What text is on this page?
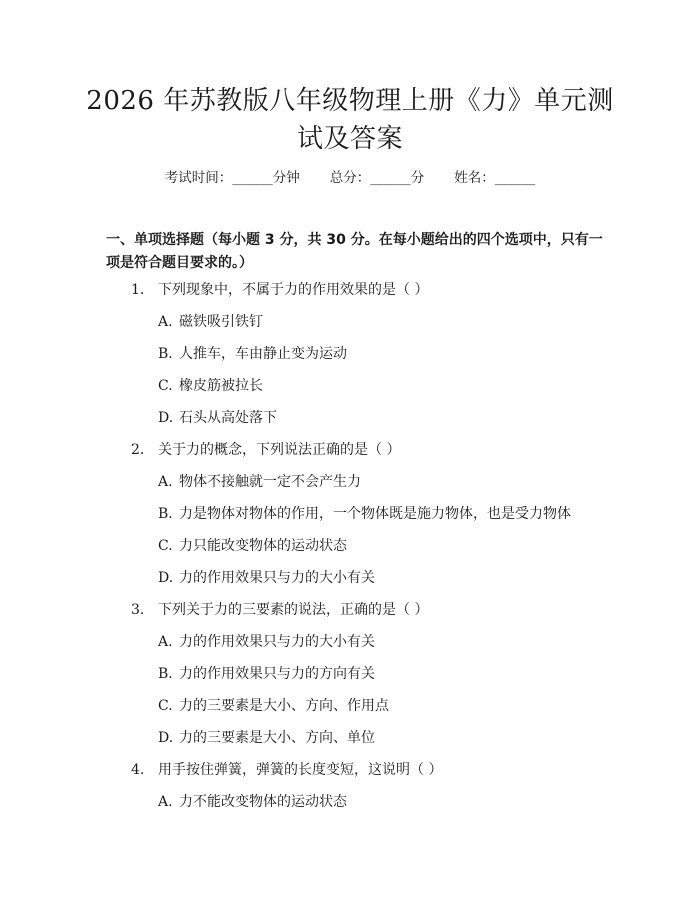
2026 年苏教版八年级物理上册《力》单元测
试及答案
考试时间：______分钟 总分：______分 姓名：______
一、单项选择题（每小题 3 分，共 30 分。在每小题给出的四个选项中，只有一项是符合题目要求的。）
1. 下列现象中，不属于力的作用效果的是（ ）
A. 磁铁吸引铁钉
B. 人推车，车由静止变为运动
C. 橡皮筋被拉长
D. 石头从高处落下
2. 关于力的概念，下列说法正确的是（ ）
A. 物体不接触就一定不会产生力
B. 力是物体对物体的作用，一个物体既是施力物体，也是受力物体
C. 力只能改变物体的运动状态
D. 力的作用效果只与力的大小有关
3. 下列关于力的三要素的说法，正确的是（ ）
A. 力的作用效果只与力的大小有关
B. 力的作用效果只与力的方向有关
C. 力的三要素是大小、方向、作用点
D. 力的三要素是大小、方向、单位
4. 用手按住弹簧，弹簧的长度变短，这说明（ ）
A. 力不能改变物体的运动状态
